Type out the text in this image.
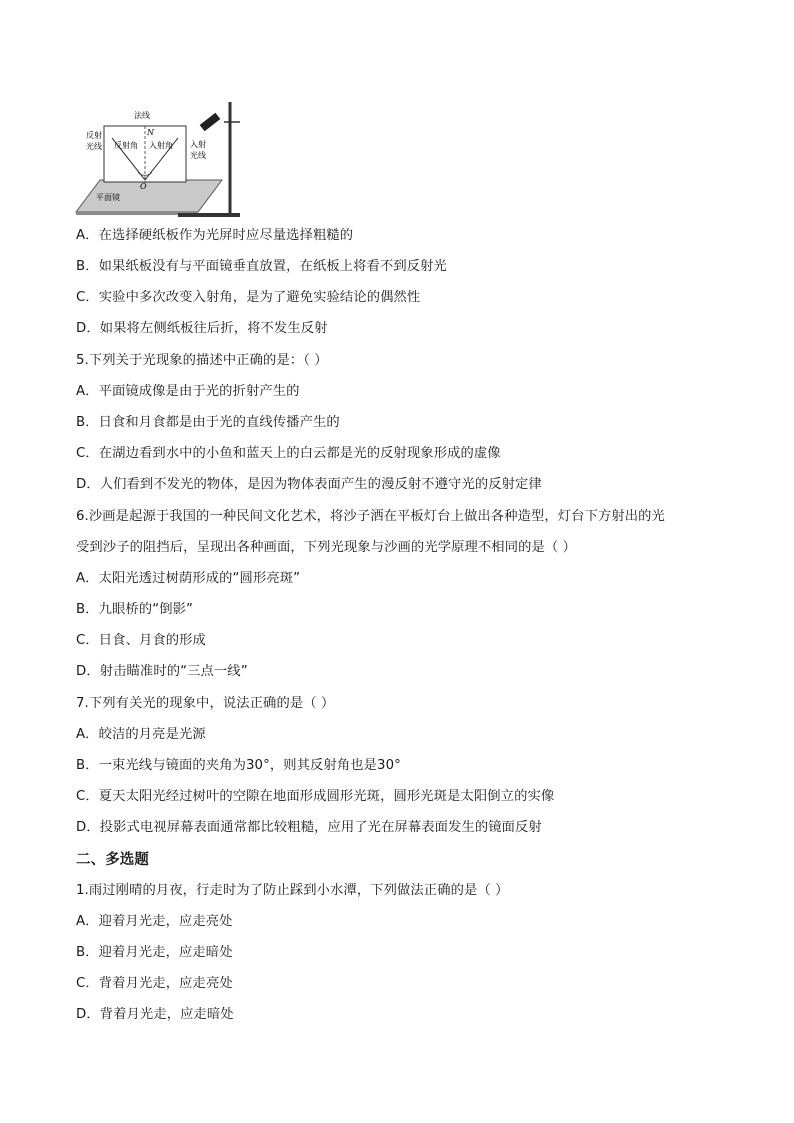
法线
N
反射
光线 反射角 入射角 入射
光线
O
平面镜
A．在选择硬纸板作为光屏时应尽量选择粗糙的
B．如果纸板没有与平面镜垂直放置，在纸板上将看不到反射光
C．实验中多次改变入射角，是为了避免实验结论的偶然性
D．如果将左侧纸板往后折，将不发生反射
5.下列关于光现象的描述中正确的是：（ ）
A．平面镜成像是由于光的折射产生的
B．日食和月食都是由于光的直线传播产生的
C．在湖边看到水中的小鱼和蓝天上的白云都是光的反射现象形成的虚像
D．人们看到不发光的物体，是因为物体表面产生的漫反射不遵守光的反射定律
6.沙画是起源于我国的一种民间文化艺术，将沙子洒在平板灯台上做出各种造型，灯台下方射出的光
受到沙子的阻挡后，呈现出各种画面，下列光现象与沙画的光学原理不相同的是（ ）
A．太阳光透过树荫形成的“圆形亮斑”
B．九眼桥的“倒影”
C．日食、月食的形成
D．射击瞄准时的“三点一线”
7.下列有关光的现象中，说法正确的是（ ）
A．皎洁的月亮是光源
B．一束光线与镜面的夹角为30°，则其反射角也是30°
C．夏天太阳光经过树叶的空隙在地面形成圆形光斑，圆形光斑是太阳倒立的实像
D．投影式电视屏幕表面通常都比较粗糙，应用了光在屏幕表面发生的镜面反射
二、多选题
1.雨过刚晴的月夜，行走时为了防止踩到小水潭，下列做法正确的是（ ）
A．迎着月光走，应走亮处
B．迎着月光走，应走暗处
C．背着月光走，应走亮处
D．背着月光走，应走暗处
